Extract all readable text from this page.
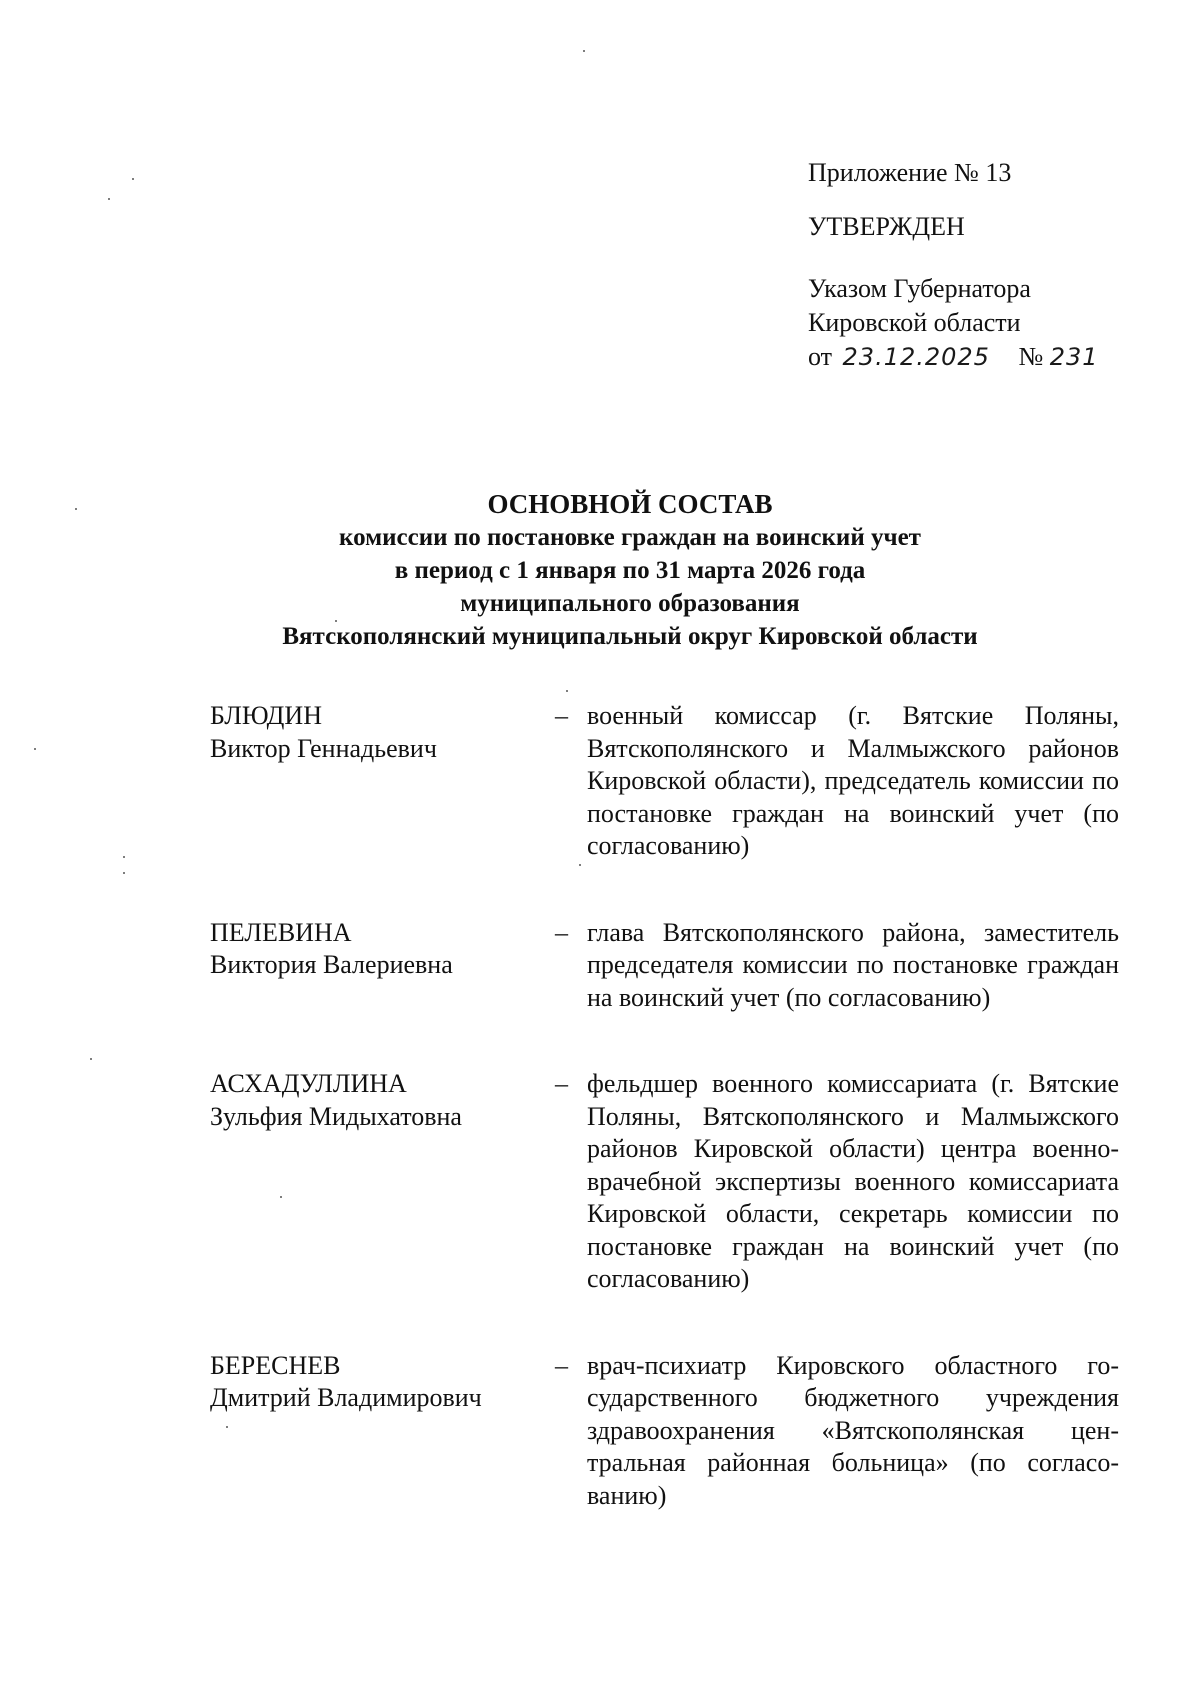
Приложение № 13
УТВЕРЖДЕН
Указом Губернатора
Кировской области
от 23.12.2025 № 231
ОСНОВНОЙ СОСТАВ
комиссии по постановке граждан на воинский учет
в период с 1 января по 31 марта 2026 года
муниципального образования
Вятскополянский муниципальный округ Кировской области
БЛЮДИН
Виктор Геннадьевич
– военный комиссар (г. Вятские Поляны, Вятскополянского и Малмыжского районов Кировской области), председатель комиссии по постановке граждан на воинский учет (по согласованию)
ПЕЛЕВИНА
Виктория Валериевна
– глава Вятскополянского района, заместитель председателя комиссии по постановке граждан на воинский учет (по согласованию)
АСХАДУЛЛИНА
Зульфия Мидыхатовна
– фельдшер военного комиссариата (г. Вятские Поляны, Вятскополянского и Малмыжского районов Кировской области) центра военно-врачебной экспертизы военного комиссариата Кировской области, секретарь комиссии по постановке граждан на воинский учет (по согласованию)
БЕРЕСНЕВ
Дмитрий Владимирович
– врач-психиатр Кировского областного государственного бюджетного учреждения здравоохранения «Вятскополянская центральная районная больница» (по согласованию)
